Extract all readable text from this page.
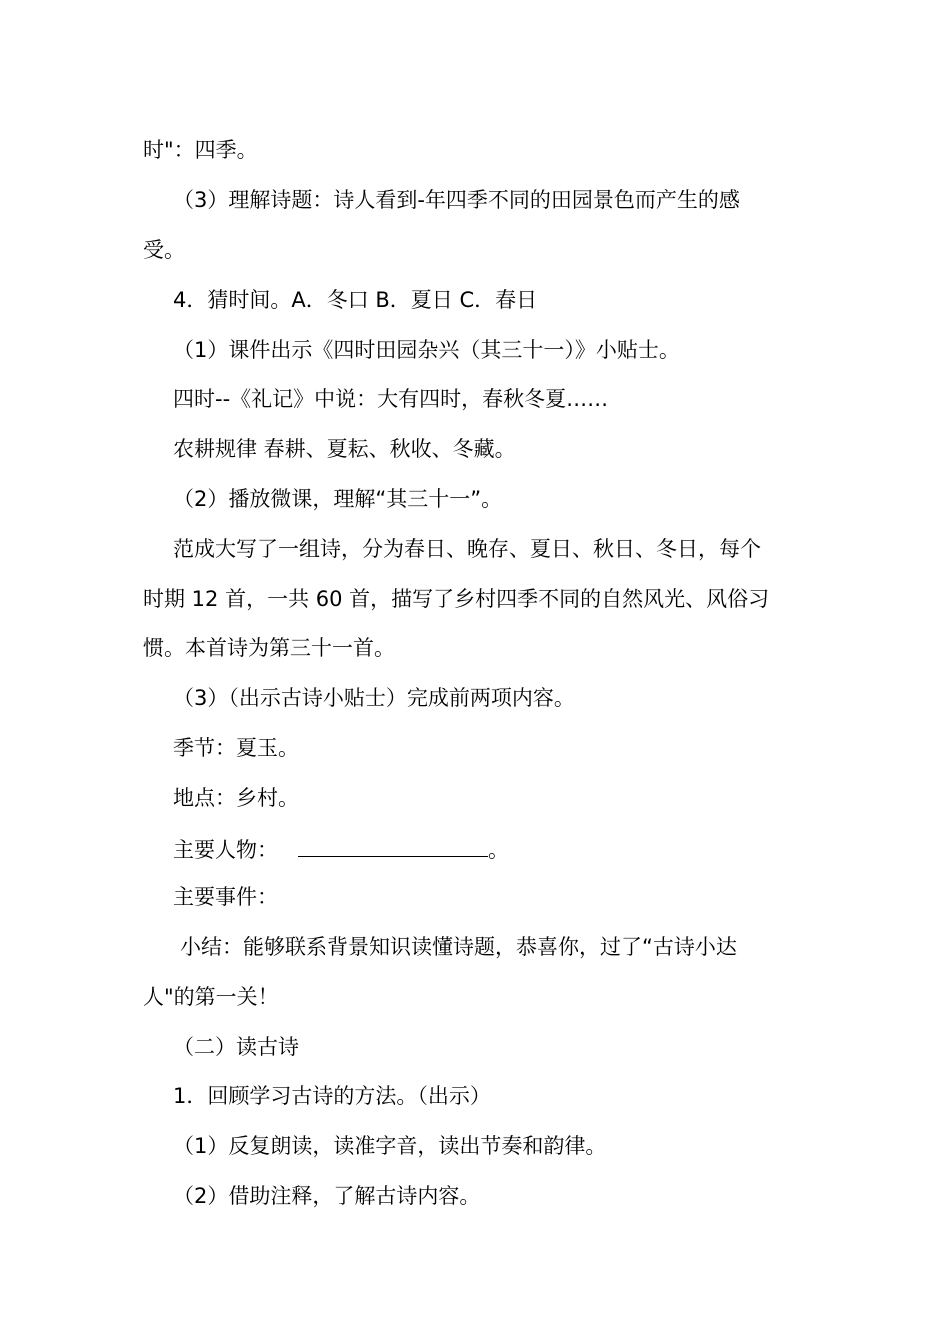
时"：四季。
（3）理解诗题：诗人看到-年四季不同的田园景色而产生的感
受。
4．猜时间。A．冬口 B．夏日 C．春日
（1）课件出示《四时田园杂兴（其三十一）》小贴士。
四时--《礼记》中说：大有四时，春秋冬夏……
农耕规律 春耕、夏耘、秋收、冬藏。
（2）播放微课，理解“其三十一”。
范成大写了一组诗，分为春日、晚存、夏日、秋日、冬日，每个
时期 12 首，一共 60 首，描写了乡村四季不同的自然风光、风俗习
惯。本首诗为第三十一首。
（3）（出示古诗小贴士）完成前两项内容。
季节：夏玉。
地点：乡村。
主要人物：	。
主要事件：
小结：能够联系背景知识读懂诗题，恭喜你，过了“古诗小达
人"的第一关！
（二）读古诗
1．回顾学习古诗的方法。（出示）
（1）反复朗读，读准字音，读出节奏和韵律。
（2）借助注释，了解古诗内容。
